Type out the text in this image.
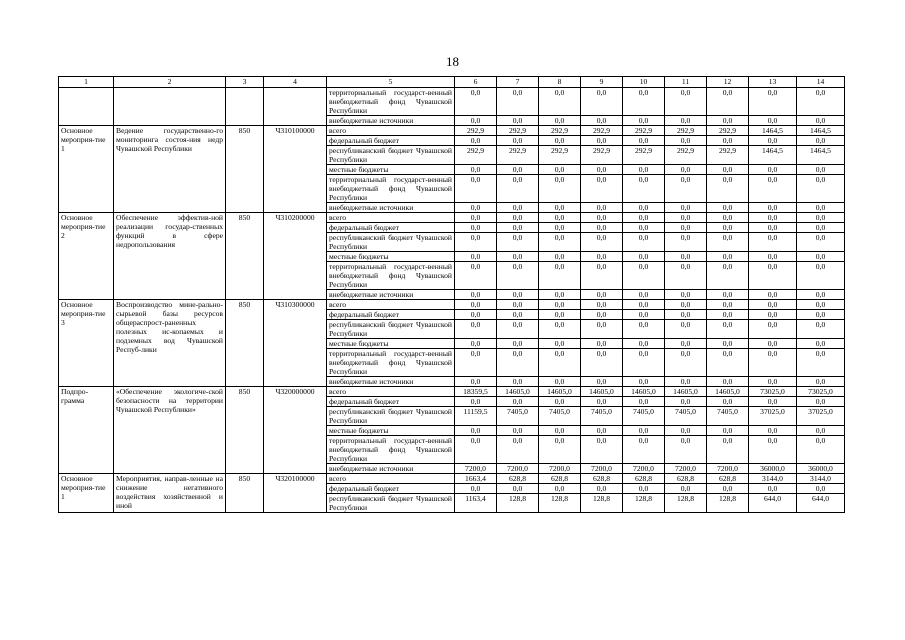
18
1	2	3	4	5	6	7	8	9	10	11	12	13	14
				территориальный государст-венный внебюджетный фонд Чувашской Республики	0,0	0,0	0,0	0,0	0,0	0,0	0,0	0,0	0,0
				внебюджетные источники	0,0	0,0	0,0	0,0	0,0	0,0	0,0	0,0	0,0
Основное мероприя-тие 1	Ведение государственно-го мониторинга состоя-ния недр Чувашской Республики	850	Ч310100000	всего	292,9	292,9	292,9	292,9	292,9	292,9	292,9	1464,5	1464,5
				федеральный бюджет	0,0	0,0	0,0	0,0	0,0	0,0	0,0	0,0	0,0
				республиканский бюджет Чувашской Республики	292,9	292,9	292,9	292,9	292,9	292,9	292,9	1464,5	1464,5
				местные бюджеты	0,0	0,0	0,0	0,0	0,0	0,0	0,0	0,0	0,0
				территориальный государст-венный внебюджетный фонд Чувашской Республики	0,0	0,0	0,0	0,0	0,0	0,0	0,0	0,0	0,0
				внебюджетные источники	0,0	0,0	0,0	0,0	0,0	0,0	0,0	0,0	0,0
Основное мероприя-тие 2	Обеспечение эффектив-ной реализации государ-ственных функций в сфере недропользования	850	Ч310200000	всего	0,0	0,0	0,0	0,0	0,0	0,0	0,0	0,0	0,0
				федеральный бюджет	0,0	0,0	0,0	0,0	0,0	0,0	0,0	0,0	0,0
				республиканский бюджет Чувашской Республики	0,0	0,0	0,0	0,0	0,0	0,0	0,0	0,0	0,0
				местные бюджеты	0,0	0,0	0,0	0,0	0,0	0,0	0,0	0,0	0,0
				территориальный государст-венный внебюджетный фонд Чувашской Республики	0,0	0,0	0,0	0,0	0,0	0,0	0,0	0,0	0,0
				внебюджетные источники	0,0	0,0	0,0	0,0	0,0	0,0	0,0	0,0	0,0
Основное мероприя-тие 3	Воспроизводство мине-рально-сырьевой базы ресурсов общераспрост-раненных полезных ис-копаемых и подземных вод Чувашской Респуб-лики	850	Ч310300000	всего	0,0	0,0	0,0	0,0	0,0	0,0	0,0	0,0	0,0
				федеральный бюджет	0,0	0,0	0,0	0,0	0,0	0,0	0,0	0,0	0,0
				республиканский бюджет Чувашской Республики	0,0	0,0	0,0	0,0	0,0	0,0	0,0	0,0	0,0
				местные бюджеты	0,0	0,0	0,0	0,0	0,0	0,0	0,0	0,0	0,0
				территориальный государст-венный внебюджетный фонд Чувашской Республики	0,0	0,0	0,0	0,0	0,0	0,0	0,0	0,0	0,0
				внебюджетные источники	0,0	0,0	0,0	0,0	0,0	0,0	0,0	0,0	0,0
Подпро-грамма	«Обеспечение экологиче-ской безопасности на территории Чувашской Республики»	850	Ч320000000	всего	18359,5	14605,0	14605,0	14605,0	14605,0	14605,0	14605,0	73025,0	73025,0
				федеральный бюджет	0,0	0,0	0,0	0,0	0,0	0,0	0,0	0,0	0,0
				республиканский бюджет Чувашской Республики	11159,5	7405,0	7405,0	7405,0	7405,0	7405,0	7405,0	37025,0	37025,0
				местные бюджеты	0,0	0,0	0,0	0,0	0,0	0,0	0,0	0,0	0,0
				территориальный государст-венный внебюджетный фонд Чувашской Республики	0,0	0,0	0,0	0,0	0,0	0,0	0,0	0,0	0,0
				внебюджетные источники	7200,0	7200,0	7200,0	7200,0	7200,0	7200,0	7200,0	36000,0	36000,0
Основное мероприя-тие 1	Мероприятия, направ-ленные на снижение негативного воздействия хозяйственной и иной	850	Ч320100000	всего	1663,4	628,8	628,8	628,8	628,8	628,8	628,8	3144,0	3144,0
				федеральный бюджет	0,0	0,0	0,0	0,0	0,0	0,0	0,0	0,0	0,0
				республиканский бюджет Чувашской Республики	1163,4	128,8	128,8	128,8	128,8	128,8	128,8	644,0	644,0
